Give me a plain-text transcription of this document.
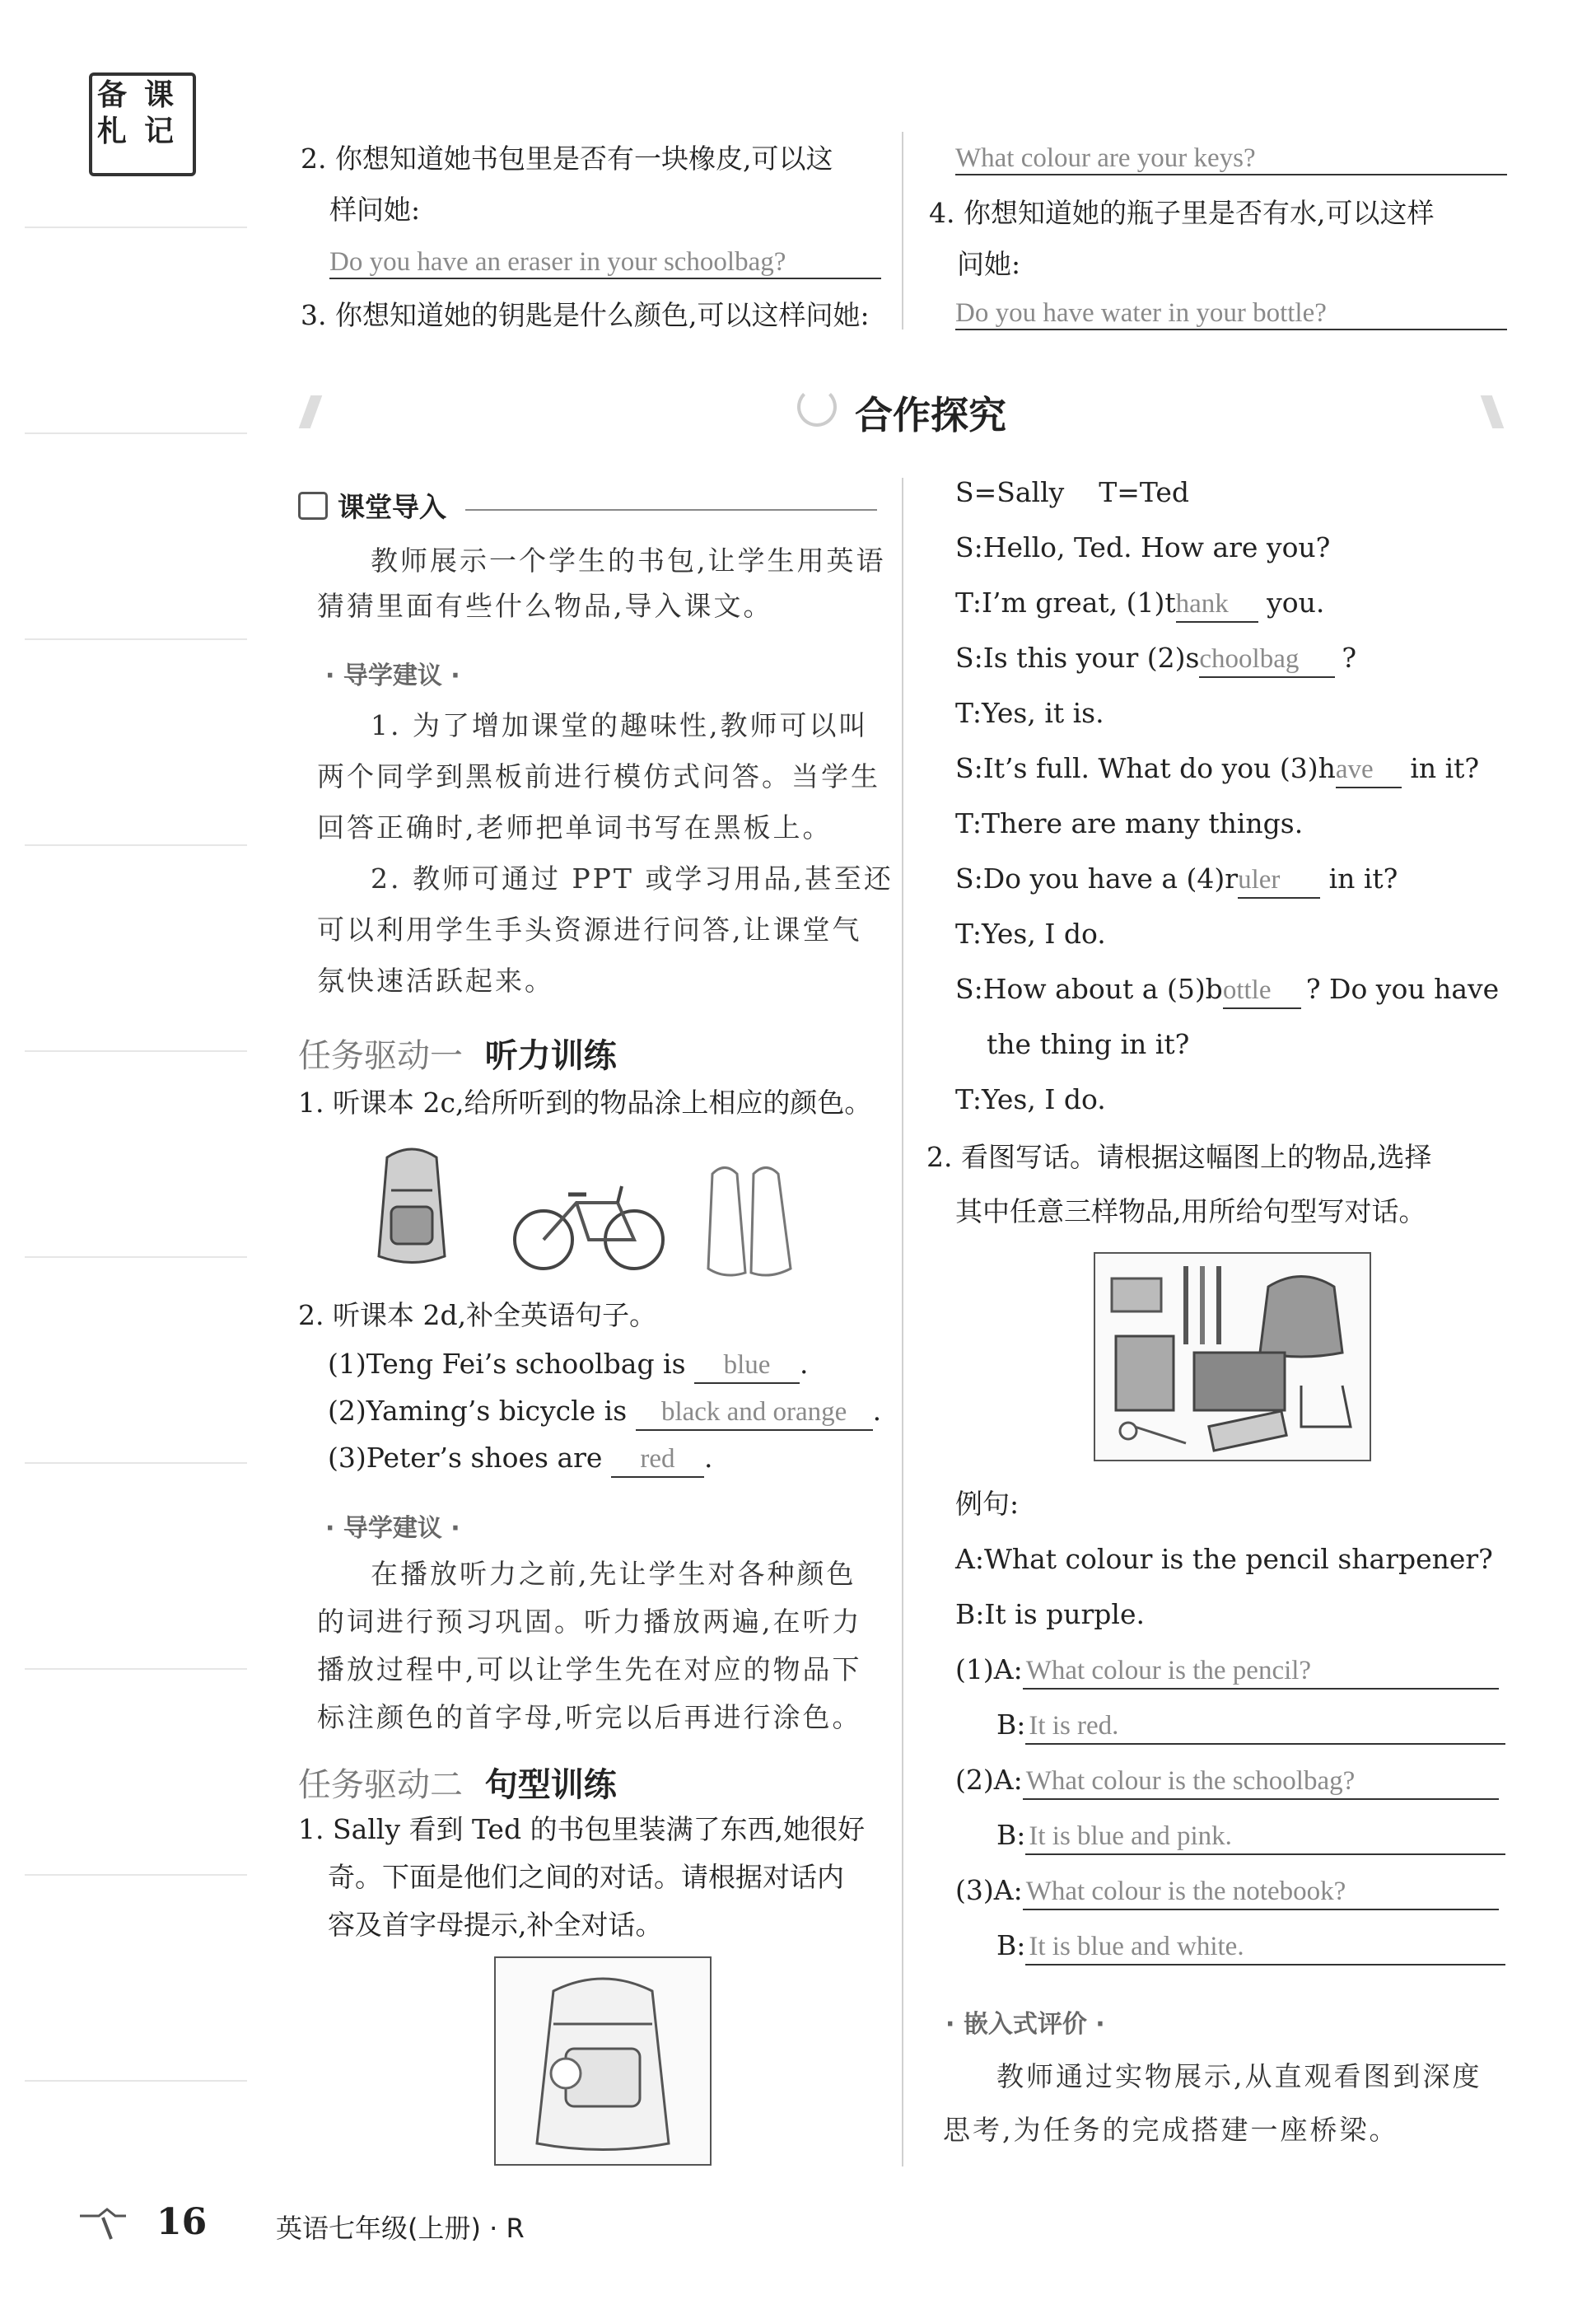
备 课
札 记
2. 你想知道她书包里是否有一块橡皮,可以这
样问她:
Do you have an eraser in your schoolbag?
3. 你想知道她的钥匙是什么颜色,可以这样问她:
What colour are your keys?
4. 你想知道她的瓶子里是否有水,可以这样
问她:
Do you have water in your bottle?
合作探究
课堂导入
教师展示一个学生的书包,让学生用英语
猜猜里面有些什么物品,导入课文。
· 导学建议 ·
1. 为了增加课堂的趣味性,教师可以叫
两个同学到黑板前进行模仿式问答。当学生
回答正确时,老师把单词书写在黑板上。
2. 教师可通过 PPT 或学习用品,甚至还
可以利用学生手头资源进行问答,让课堂气
氛快速活跃起来。
任务驱动一 听力训练
1. 听课本 2c,给所听到的物品涂上相应的颜色。
2. 听课本 2d,补全英语句子。
(1)Teng Fei’s schoolbag is blue .
(2)Yaming’s bicycle is black and orange .
(3)Peter’s shoes are red .
· 导学建议 ·
在播放听力之前,先让学生对各种颜色
的词进行预习巩固。听力播放两遍,在听力
播放过程中,可以让学生先在对应的物品下
标注颜色的首字母,听完以后再进行涂色。
任务驱动二 句型训练
1. Sally 看到 Ted 的书包里装满了东西,她很好
奇。下面是他们之间的对话。请根据对话内
容及首字母提示,补全对话。
S=Sally    T=Ted
S:Hello, Ted. How are you?
T:I’m great, (1)thank you.
S:Is this your (2)schoolbag ?
T:Yes, it is.
S:It’s full. What do you (3)have in it?
T:There are many things.
S:Do you have a (4)ruler in it?
T:Yes, I do.
S:How about a (5)bottle ? Do you have
the thing in it?
T:Yes, I do.
2. 看图写话。请根据这幅图上的物品,选择
其中任意三样物品,用所给句型写对话。
例句:
A:What colour is the pencil sharpener?
B:It is purple.
(1)A: What colour is the pencil?
B: It is red.
(2)A: What colour is the schoolbag?
B: It is blue and pink.
(3)A: What colour is the notebook?
B: It is blue and white.
· 嵌入式评价 ·
教师通过实物展示,从直观看图到深度
思考,为任务的完成搭建一座桥梁。
16	英语七年级(上册) · R
